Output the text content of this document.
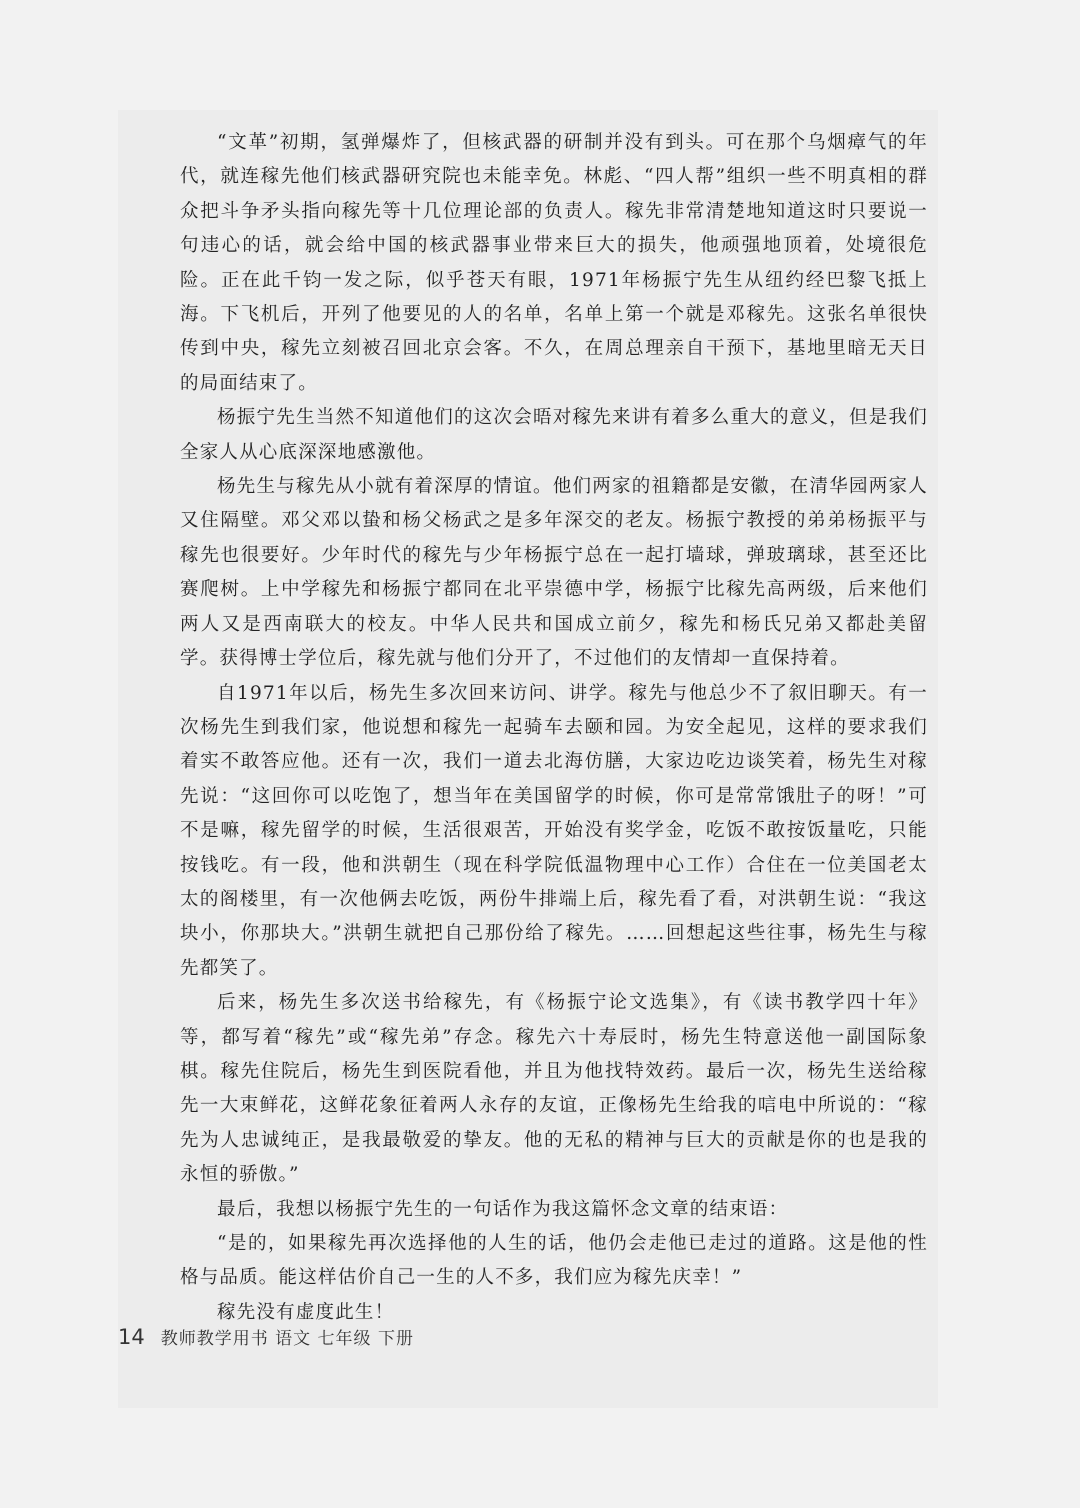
“文革”初期，氢弹爆炸了，但核武器的研制并没有到头。可在那个乌烟瘴气的年代，就连稼先他们核武器研究院也未能幸免。林彪、“四人帮”组织一些不明真相的群众把斗争矛头指向稼先等十几位理论部的负责人。稼先非常清楚地知道这时只要说一句违心的话，就会给中国的核武器事业带来巨大的损失，他顽强地顶着，处境很危险。正在此千钧一发之际，似乎苍天有眼，1971年杨振宁先生从纽约经巴黎飞抵上海。下飞机后，开列了他要见的人的名单，名单上第一个就是邓稼先。这张名单很快传到中央，稼先立刻被召回北京会客。不久，在周总理亲自干预下，基地里暗无天日的局面结束了。

杨振宁先生当然不知道他们的这次会晤对稼先来讲有着多么重大的意义，但是我们全家人从心底深深地感激他。

杨先生与稼先从小就有着深厚的情谊。他们两家的祖籍都是安徽，在清华园两家人又住隔壁。邓父邓以蛰和杨父杨武之是多年深交的老友。杨振宁教授的弟弟杨振平与稼先也很要好。少年时代的稼先与少年杨振宁总在一起打墙球，弹玻璃球，甚至还比赛爬树。上中学稼先和杨振宁都同在北平崇德中学，杨振宁比稼先高两级，后来他们两人又是西南联大的校友。中华人民共和国成立前夕，稼先和杨氏兄弟又都赴美留学。获得博士学位后，稼先就与他们分开了，不过他们的友情却一直保持着。

自1971年以后，杨先生多次回来访问、讲学。稼先与他总少不了叙旧聊天。有一次杨先生到我们家，他说想和稼先一起骑车去颐和园。为安全起见，这样的要求我们着实不敢答应他。还有一次，我们一道去北海仿膳，大家边吃边谈笑着，杨先生对稼先说：“这回你可以吃饱了，想当年在美国留学的时候，你可是常常饿肚子的呀！”可不是嘛，稼先留学的时候，生活很艰苦，开始没有奖学金，吃饭不敢按饭量吃，只能按钱吃。有一段，他和洪朝生（现在科学院低温物理中心工作）合住在一位美国老太太的阁楼里，有一次他俩去吃饭，两份牛排端上后，稼先看了看，对洪朝生说：“我这块小，你那块大。”洪朝生就把自己那份给了稼先。……回想起这些往事，杨先生与稼先都笑了。

后来，杨先生多次送书给稼先，有《杨振宁论文选集》，有《读书教学四十年》等，都写着“稼先”或“稼先弟”存念。稼先六十寿辰时，杨先生特意送他一副国际象棋。稼先住院后，杨先生到医院看他，并且为他找特效药。最后一次，杨先生送给稼先一大束鲜花，这鲜花象征着两人永存的友谊，正像杨先生给我的唁电中所说的：“稼先为人忠诚纯正，是我最敬爱的挚友。他的无私的精神与巨大的贡献是你的也是我的永恒的骄傲。”

最后，我想以杨振宁先生的一句话作为我这篇怀念文章的结束语：

“是的，如果稼先再次选择他的人生的话，他仍会走他已走过的道路。这是他的性格与品质。能这样估价自己一生的人不多，我们应为稼先庆幸！”

稼先没有虚度此生！

14 教师教学用书 语文 七年级 下册
